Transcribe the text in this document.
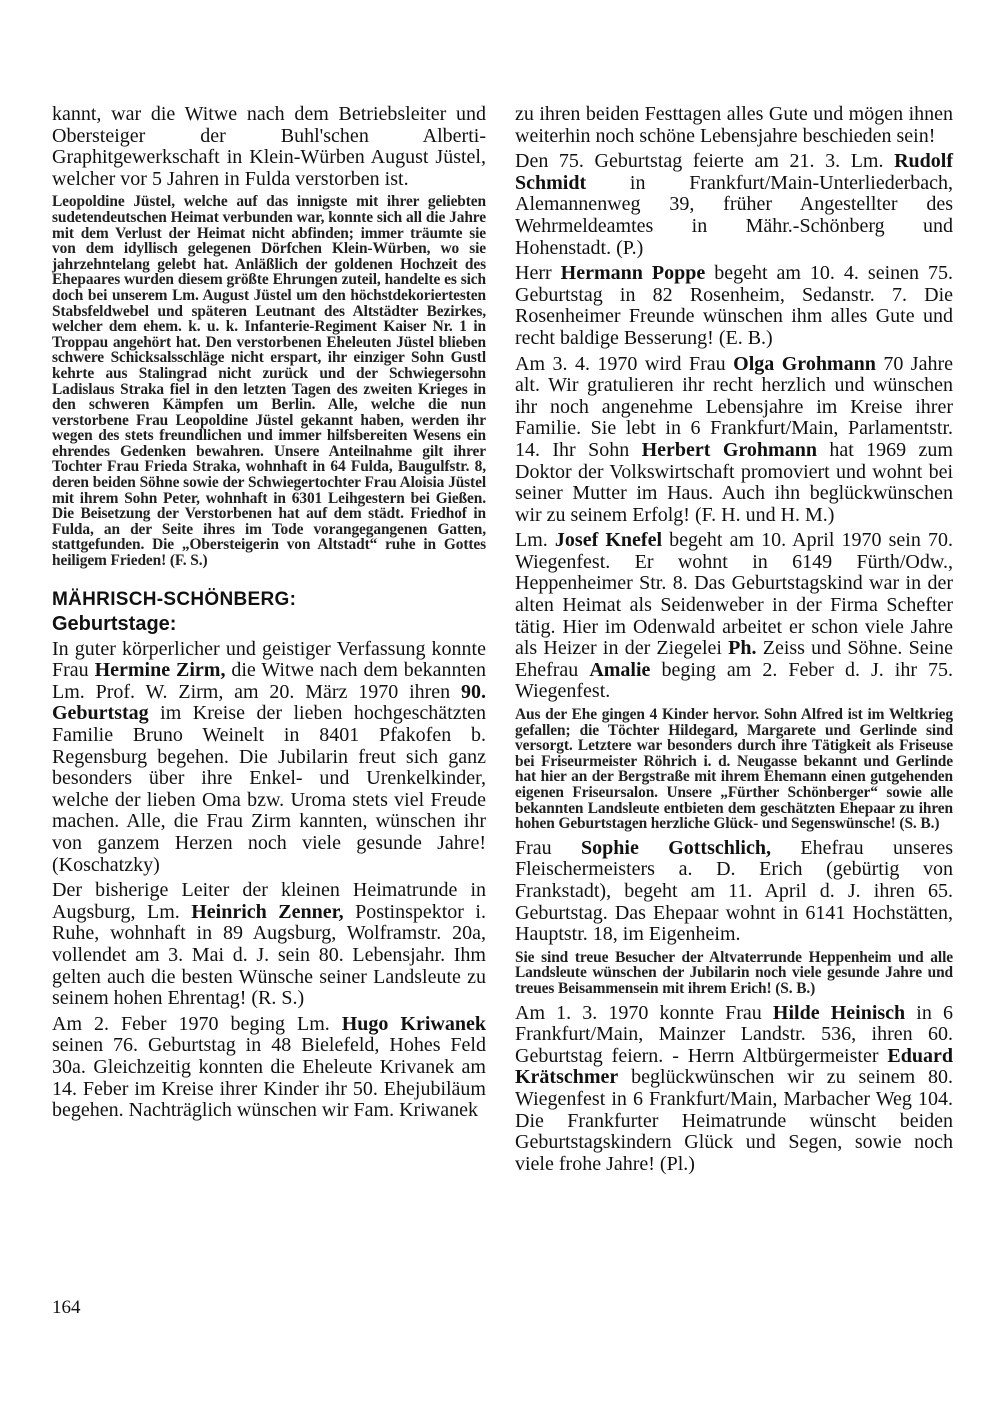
kannt, war die Witwe nach dem Betriebsleiter und Obersteiger der Buhl'schen Alberti-Graphitgewerkschaft in Klein-Würben August Jüstel, welcher vor 5 Jahren in Fulda verstorben ist.

Leopoldine Jüstel, welche auf das innigste mit ihrer geliebten sudetendeutschen Heimat verbunden war, konnte sich all die Jahre mit dem Verlust der Heimat nicht abfinden; immer träumte sie von dem idyllisch gelegenen Dörfchen Klein-Würben, wo sie jahrzehntelang gelebt hat. Anläßlich der goldenen Hochzeit des Ehepaares wurden diesem größte Ehrungen zuteil, handelte es sich doch bei unserem Lm. August Jüstel um den höchstdekoriertesten Stabsfeldwebel und späteren Leutnant des Altstädter Bezirkes, welcher dem ehem. k. u. k. Infanterie-Regiment Kaiser Nr. 1 in Troppau angehört hat. Den verstorbenen Eheleuten Jüstel blieben schwere Schicksalsschläge nicht erspart, ihr einziger Sohn Gustl kehrte aus Stalingrad nicht zurück und der Schwiegersohn Ladislaus Straka fiel in den letzten Tagen des zweiten Krieges in den schweren Kämpfen um Berlin. Alle, welche die nun verstorbene Frau Leopoldine Jüstel gekannt haben, werden ihr wegen des stets freundlichen und immer hilfsbereiten Wesens ein ehrendes Gedenken bewahren. Unsere Anteilnahme gilt ihrer Tochter Frau Frieda Straka, wohnhaft in 64 Fulda, Baugulfstr. 8, deren beiden Söhne sowie der Schwiegertochter Frau Aloisia Jüstel mit ihrem Sohn Peter, wohnhaft in 6301 Leihgestern bei Gießen. Die Beisetzung der Verstorbenen hat auf dem städt. Friedhof in Fulda, an der Seite ihres im Tode vorangegangenen Gatten, stattgefunden. Die „Obersteigerin von Altstadt“ ruhe in Gottes heiligem Frieden! (F. S.)

MÄHRISCH-SCHÖNBERG:
Geburtstage:

In guter körperlicher und geistiger Verfassung konnte Frau Hermine Zirm, die Witwe nach dem bekannten Lm. Prof. W. Zirm, am 20. März 1970 ihren 90. Geburtstag im Kreise der lieben hochgeschätzten Familie Bruno Weinelt in 8401 Pfakofen b. Regensburg begehen. Die Jubilarin freut sich ganz besonders über ihre Enkel- und Urenkelkinder, welche der lieben Oma bzw. Uroma stets viel Freude machen. Alle, die Frau Zirm kannten, wünschen ihr von ganzem Herzen noch viele gesunde Jahre! (Koschatzky)

Der bisherige Leiter der kleinen Heimatrunde in Augsburg, Lm. Heinrich Zenner, Postinspektor i. Ruhe, wohnhaft in 89 Augsburg, Wolframstr. 20a, vollendet am 3. Mai d. J. sein 80. Lebensjahr. Ihm gelten auch die besten Wünsche seiner Landsleute zu seinem hohen Ehrentag! (R. S.)

Am 2. Feber 1970 beging Lm. Hugo Kriwanek seinen 76. Geburtstag in 48 Bielefeld, Hohes Feld 30a. Gleichzeitig konnten die Eheleute Krivanek am 14. Feber im Kreise ihrer Kinder ihr 50. Ehejubiläum begehen. Nachträglich wünschen wir Fam. Kriwanek

zu ihren beiden Festtagen alles Gute und mögen ihnen weiterhin noch schöne Lebensjahre beschieden sein!

Den 75. Geburtstag feierte am 21. 3. Lm. Rudolf Schmidt in Frankfurt/Main-Unterliederbach, Alemannenweg 39, früher Angestellter des Wehrmeldeamtes in Mähr.-Schönberg und Hohenstadt. (P.)

Herr Hermann Poppe begeht am 10. 4. seinen 75. Geburtstag in 82 Rosenheim, Sedanstr. 7. Die Rosenheimer Freunde wünschen ihm alles Gute und recht baldige Besserung! (E. B.)

Am 3. 4. 1970 wird Frau Olga Grohmann 70 Jahre alt. Wir gratulieren ihr recht herzlich und wünschen ihr noch angenehme Lebensjahre im Kreise ihrer Familie. Sie lebt in 6 Frankfurt/Main, Parlamentstr. 14. Ihr Sohn Herbert Grohmann hat 1969 zum Doktor der Volkswirtschaft promoviert und wohnt bei seiner Mutter im Haus. Auch ihn beglückwünschen wir zu seinem Erfolg! (F. H. und H. M.)

Lm. Josef Knefel begeht am 10. April 1970 sein 70. Wiegenfest. Er wohnt in 6149 Fürth/Odw., Heppenheimer Str. 8. Das Geburtstagskind war in der alten Heimat als Seidenweber in der Firma Schefter tätig. Hier im Odenwald arbeitet er schon viele Jahre als Heizer in der Ziegelei Ph. Zeiss und Söhne. Seine Ehefrau Amalie beging am 2. Feber d. J. ihr 75. Wiegenfest.

Aus der Ehe gingen 4 Kinder hervor. Sohn Alfred ist im Weltkrieg gefallen; die Töchter Hildegard, Margarete und Gerlinde sind versorgt. Letztere war besonders durch ihre Tätigkeit als Friseuse bei Friseurmeister Röhrich i. d. Neugasse bekannt und Gerlinde hat hier an der Bergstraße mit ihrem Ehemann einen gutgehenden eigenen Friseursalon. Unsere „Fürther Schönberger“ sowie alle bekannten Landsleute entbieten dem geschätzten Ehepaar zu ihren hohen Geburtstagen herzliche Glück- und Segenswünsche! (S. B.)

Frau Sophie Gottschlich, Ehefrau unseres Fleischermeisters a. D. Erich (gebürtig von Frankstadt), begeht am 11. April d. J. ihren 65. Geburtstag. Das Ehepaar wohnt in 6141 Hochstätten, Hauptstr. 18, im Eigenheim.

Sie sind treue Besucher der Altvaterrunde Heppenheim und alle Landsleute wünschen der Jubilarin noch viele gesunde Jahre und treues Beisammensein mit ihrem Erich! (S. B.)

Am 1. 3. 1970 konnte Frau Hilde Heinisch in 6 Frankfurt/Main, Mainzer Landstr. 536, ihren 60. Geburtstag feiern. - Herrn Altbürgermeister Eduard Krätschmer beglückwünschen wir zu seinem 80. Wiegenfest in 6 Frankfurt/Main, Marbacher Weg 104. Die Frankfurter Heimatrunde wünscht beiden Geburtstagskindern Glück und Segen, sowie noch viele frohe Jahre! (Pl.)

164
